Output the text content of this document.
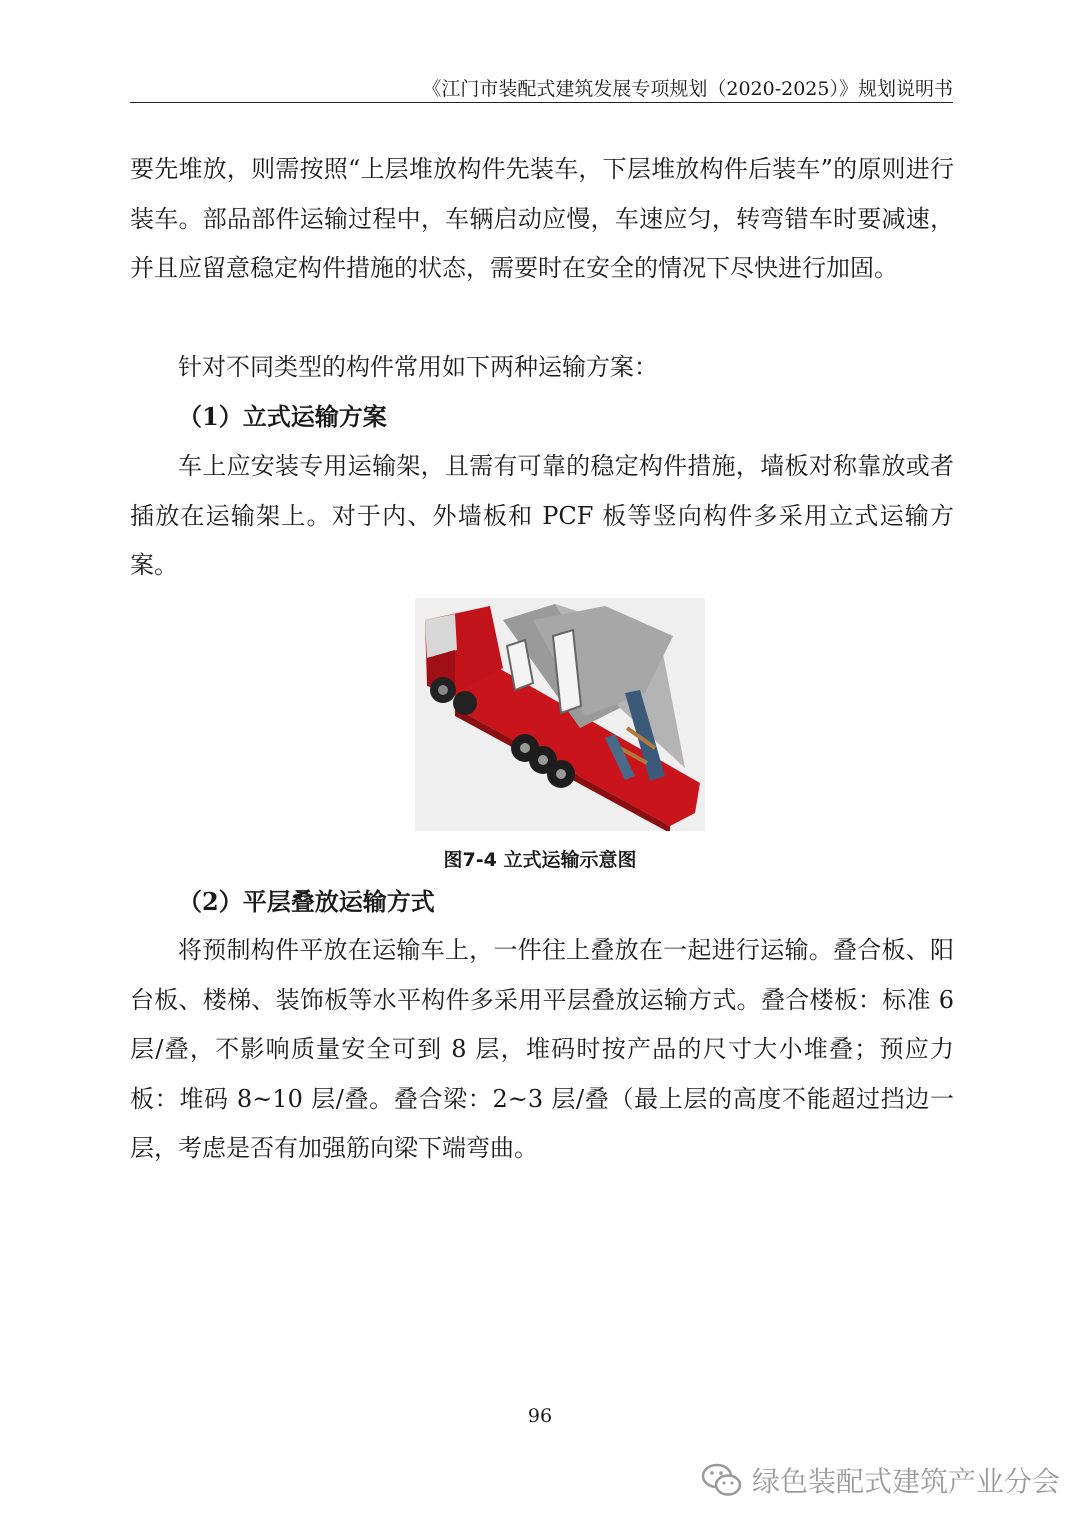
《江门市装配式建筑发展专项规划（2020-2025）》规划说明书

要先堆放，则需按照“上层堆放构件先装车，下层堆放构件后装车”的原则进行装车。部品部件运输过程中，车辆启动应慢，车速应匀，转弯错车时要减速，并且应留意稳定构件措施的状态，需要时在安全的情况下尽快进行加固。

针对不同类型的构件常用如下两种运输方案：

（1）立式运输方案

车上应安装专用运输架，且需有可靠的稳定构件措施，墙板对称靠放或者插放在运输架上。对于内、外墙板和 PCF 板等竖向构件多采用立式运输方案。

图7-4 立式运输示意图

（2）平层叠放运输方式

将预制构件平放在运输车上，一件往上叠放在一起进行运输。叠合板、阳台板、楼梯、装饰板等水平构件多采用平层叠放运输方式。叠合楼板：标准 6 层/叠，不影响质量安全可到 8 层，堆码时按产品的尺寸大小堆叠；预应力板：堆码 8~10 层/叠。叠合梁：2~3 层/叠（最上层的高度不能超过挡边一层，考虑是否有加强筋向梁下端弯曲。

96
绿色装配式建筑产业分会
